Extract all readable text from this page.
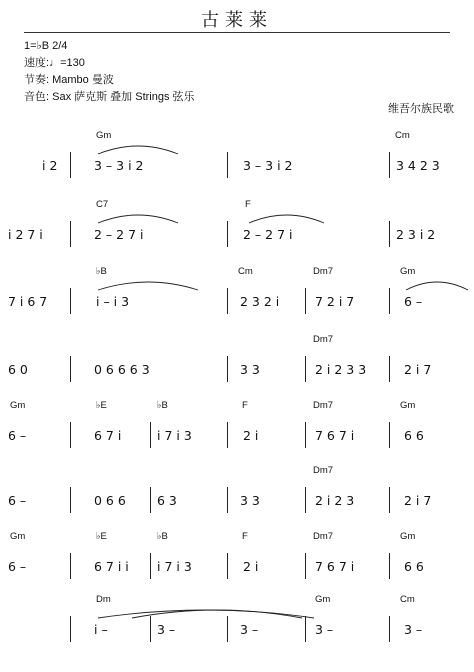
古莱莱
1=♭B 2/4
速度:♩=130
节奏: Mambo 曼波
音色: Sax 萨克斯 叠加 Strings 弦乐
维吾尔族民歌
Gm	Cm
i 2	3 – 3 i 2	3 – 3 i 2	3 4 2 3
C7	F
i 2 7 i	2 – 2 7 i	2 – 2 7 i	2 3 i 2
♭B	Cm	Dm7	Gm
7 i 6 7	i – i 3	2 3 2 i	7 2 i 7	6 –
Dm7
6 0	0 6 6 6 3	3 3	2 i 2 3 3	2 i 7
Gm	♭E	♭B	F	Dm7	Gm
6 –	6 7 i	i 7 i 3	2 i	7 6 7 i	6 6
Dm7
6 –	0 6 6 6 3	3 3	2 i 2 3	2 i 7
Gm	♭E	♭B	F	Dm7	Gm
6 –	6 7 i i i 7 i 3	2 i	7 6 7 i	6 6
Dm	Gm	Cm
i –	3 –	3 –	3 –	3 –
